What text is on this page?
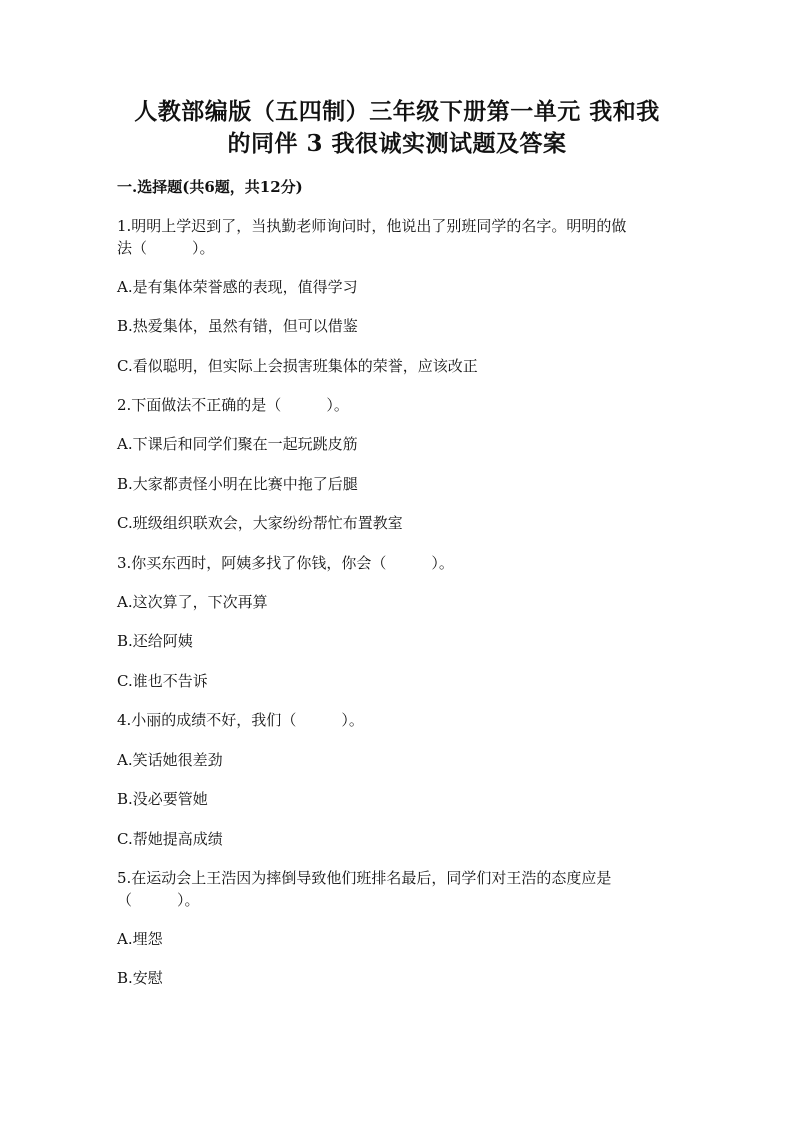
人教部编版（五四制）三年级下册第一单元 我和我
的同伴 3 我很诚实测试题及答案
一.选择题(共6题，共12分)
1.明明上学迟到了，当执勤老师询问时，他说出了别班同学的名字。明明的做
法（　　　）。
A.是有集体荣誉感的表现，值得学习
B.热爱集体，虽然有错，但可以借鉴
C.看似聪明，但实际上会损害班集体的荣誉，应该改正
2.下面做法不正确的是（　　　）。
A.下课后和同学们聚在一起玩跳皮筋
B.大家都责怪小明在比赛中拖了后腿
C.班级组织联欢会，大家纷纷帮忙布置教室
3.你买东西时，阿姨多找了你钱，你会（　　　）。
A.这次算了，下次再算
B.还给阿姨
C.谁也不告诉
4.小丽的成绩不好，我们（　　　）。
A.笑话她很差劲
B.没必要管她
C.帮她提高成绩
5.在运动会上王浩因为摔倒导致他们班排名最后，同学们对王浩的态度应是
（　　　）。
A.埋怨
B.安慰
